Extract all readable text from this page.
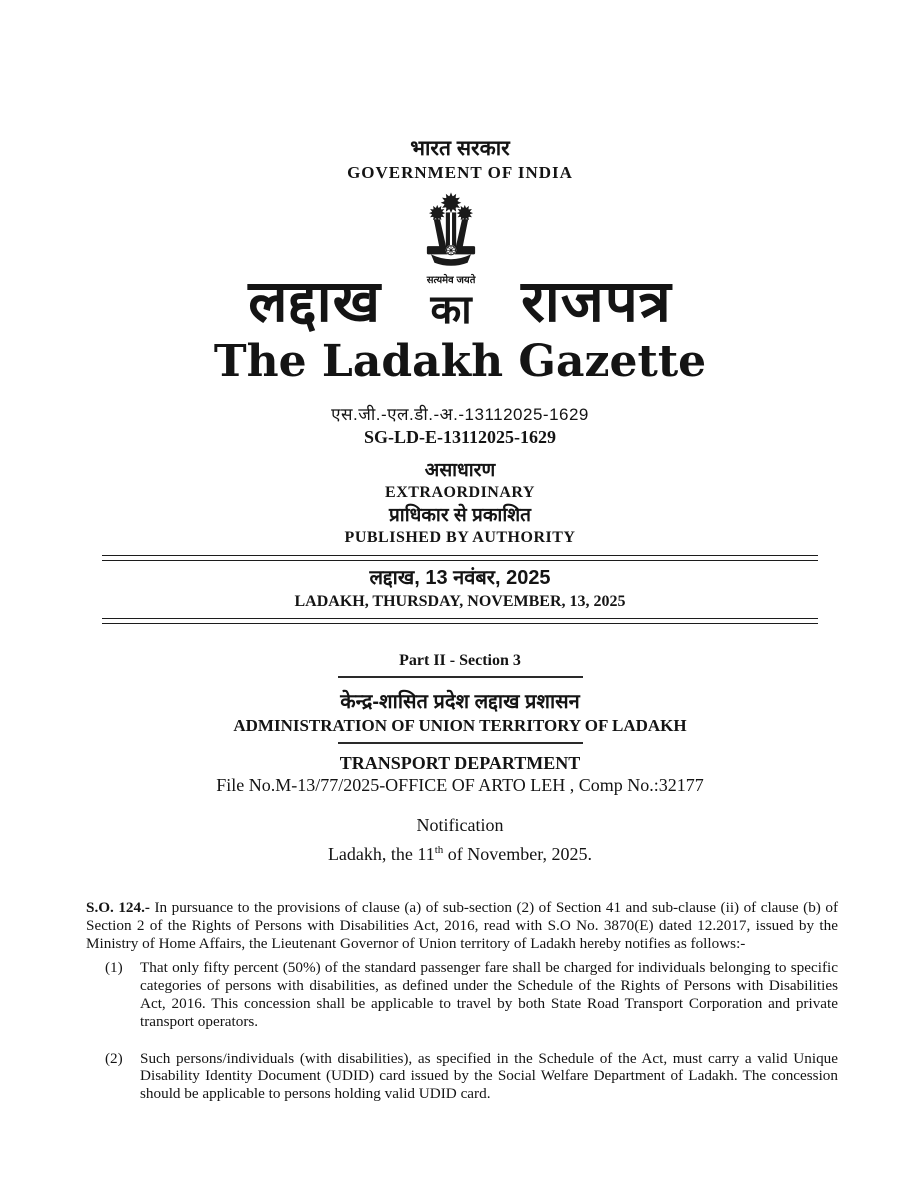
भारत सरकार
GOVERNMENT OF INDIA
लद्दाख	सत्यमेव जयते
का राजपत्र
The Ladakh Gazette
एस.जी.-एल.डी.-अ.-13112025-1629
SG-LD-E-13112025-1629
असाधारण
EXTRAORDINARY
प्राधिकार से प्रकाशित
PUBLISHED BY AUTHORITY
लद्दाख, 13 नवंबर, 2025
LADAKH, THURSDAY, NOVEMBER, 13, 2025
Part II - Section 3
केन्द्र-शासित प्रदेश लद्दाख प्रशासन
ADMINISTRATION OF UNION TERRITORY OF LADAKH
TRANSPORT DEPARTMENT
File No.M-13/77/2025-OFFICE OF ARTO LEH , Comp No.:32177
Notification
Ladakh, the 11th of November, 2025.
S.O. 124.- In pursuance to the provisions of clause (a) of sub-section (2) of Section 41 and sub-clause (ii) of clause (b) of Section 2 of the Rights of Persons with Disabilities Act, 2016, read with S.O No. 3870(E) dated 12.2017, issued by the Ministry of Home Affairs, the Lieutenant Governor of Union territory of Ladakh hereby notifies as follows:-
(1)	That only fifty percent (50%) of the standard passenger fare shall be charged for individuals belonging to specific categories of persons with disabilities, as defined under the Schedule of the Rights of Persons with Disabilities Act, 2016. This concession shall be applicable to travel by both State Road Transport Corporation and private transport operators.
(2)	Such persons/individuals (with disabilities), as specified in the Schedule of the Act, must carry a valid Unique Disability Identity Document (UDID) card issued by the Social Welfare Department of Ladakh. The concession should be applicable to persons holding valid UDID card.
